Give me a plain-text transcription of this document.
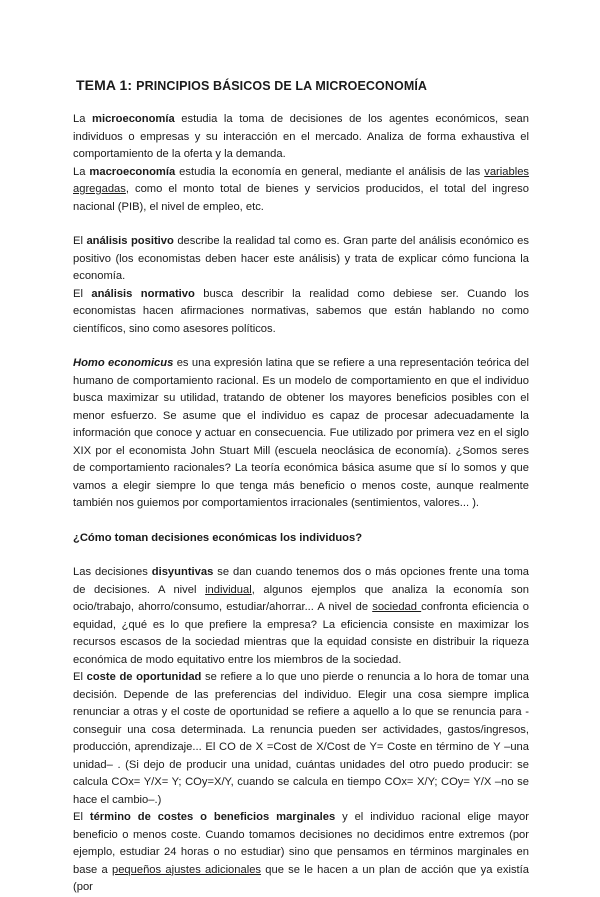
TEMA 1: PRINCIPIOS BÁSICOS DE LA MICROECONOMÍA

La microeconomía estudia la toma de decisiones de los agentes económicos, sean individuos o empresas y su interacción en el mercado. Analiza de forma exhaustiva el comportamiento de la oferta y la demanda.

La macroeconomía estudia la economía en general, mediante el análisis de las variables agregadas, como el monto total de bienes y servicios producidos, el total del ingreso nacional (PIB), el nivel de empleo, etc.

El análisis positivo describe la realidad tal como es. Gran parte del análisis económico es positivo (los economistas deben hacer este análisis) y trata de explicar cómo funciona la economía.

El análisis normativo busca describir la realidad como debiese ser. Cuando los economistas hacen afirmaciones normativas, sabemos que están hablando no como científicos, sino como asesores políticos.

Homo economicus es una expresión latina que se refiere a una representación teórica del humano de comportamiento racional. Es un modelo de comportamiento en que el individuo busca maximizar su utilidad, tratando de obtener los mayores beneficios posibles con el menor esfuerzo. Se asume que el individuo es capaz de procesar adecuadamente la información que conoce y actuar en consecuencia. Fue utilizado por primera vez en el siglo XIX por el economista John Stuart Mill (escuela neoclásica de economía). ¿Somos seres de comportamiento racionales? La teoría económica básica asume que sí lo somos y que vamos a elegir siempre lo que tenga más beneficio o menos coste, aunque realmente también nos guiemos por comportamientos irracionales (sentimientos, valores... ).

¿Cómo toman decisiones económicas los individuos?

Las decisiones disyuntivas se dan cuando tenemos dos o más opciones frente una toma de decisiones. A nivel individual, algunos ejemplos que analiza la economía son ocio/trabajo, ahorro/consumo, estudiar/ahorrar... A nivel de sociedad confronta eficiencia o equidad, ¿qué es lo que prefiere la empresa? La eficiencia consiste en maximizar los recursos escasos de la sociedad mientras que la equidad consiste en distribuir la riqueza económica de modo equitativo entre los miembros de la sociedad.

El coste de oportunidad se refiere a lo que uno pierde o renuncia a lo hora de tomar una decisión. Depende de las preferencias del individuo. Elegir una cosa siempre implica renunciar a otras y el coste de oportunidad se refiere a aquello a lo que se renuncia para -conseguir una cosa determinada. La renuncia pueden ser actividades, gastos/ingresos, producción, aprendizaje... El CO de X =Cost de X/Cost de Y= Coste en término de Y –una unidad– . (Si dejo de producir una unidad, cuántas unidades del otro puedo producir: se calcula COx= Y/X= Y; COy=X/Y, cuando se calcula en tiempo COx= X/Y; COy= Y/X –no se hace el cambio–.)

El término de costes o beneficios marginales y el individuo racional elige mayor beneficio o menos coste. Cuando tomamos decisiones no decidimos entre extremos (por ejemplo, estudiar 24 horas o no estudiar) sino que pensamos en términos marginales en base a pequeños ajustes adicionales que se le hacen a un plan de acción que ya existía (por
